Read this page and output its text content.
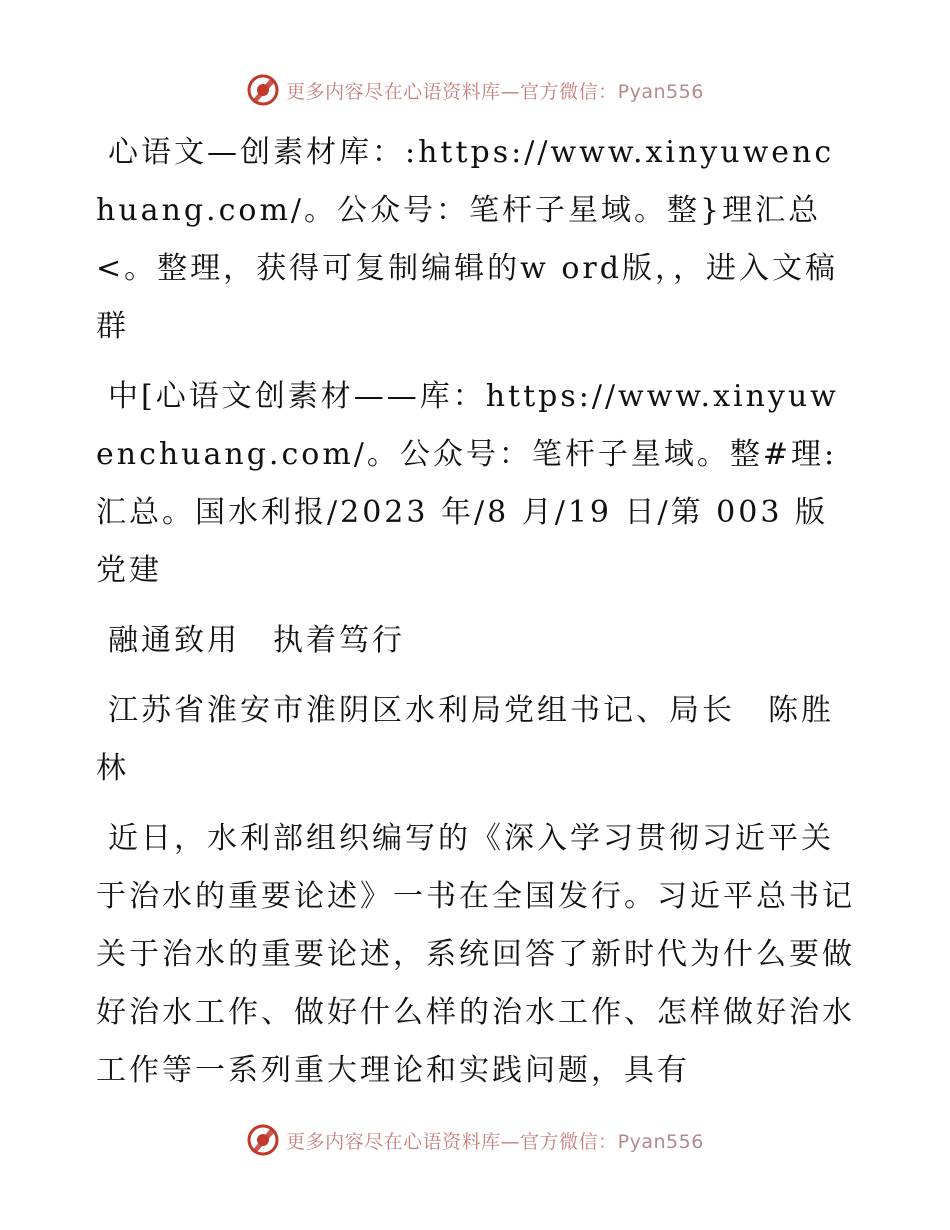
更多内容尽在心语资料库—官方微信：Pyan556

心语文—创素材库：:https://www.xinyuwenchuang.com/。公众号：笔杆子星域。整}理汇总<。整理，获得可复制编辑的w ord版，，进入文稿群

中[心语文创素材——库：https://www.xinyuwenchuang.com/。公众号：笔杆子星域。整#理:汇总。国水利报/2023 年/8 月/19 日/第 003 版党建

融通致用　执着笃行

江苏省淮安市淮阴区水利局党组书记、局长　陈胜林

近日，水利部组织编写的《深入学习贯彻习近平关于治水的重要论述》一书在全国发行。习近平总书记关于治水的重要论述，系统回答了新时代为什么要做好治水工作、做好什么样的治水工作、怎样做好治水工作等一系列重大理论和实践问题，具有

更多内容尽在心语资料库—官方微信：Pyan556
